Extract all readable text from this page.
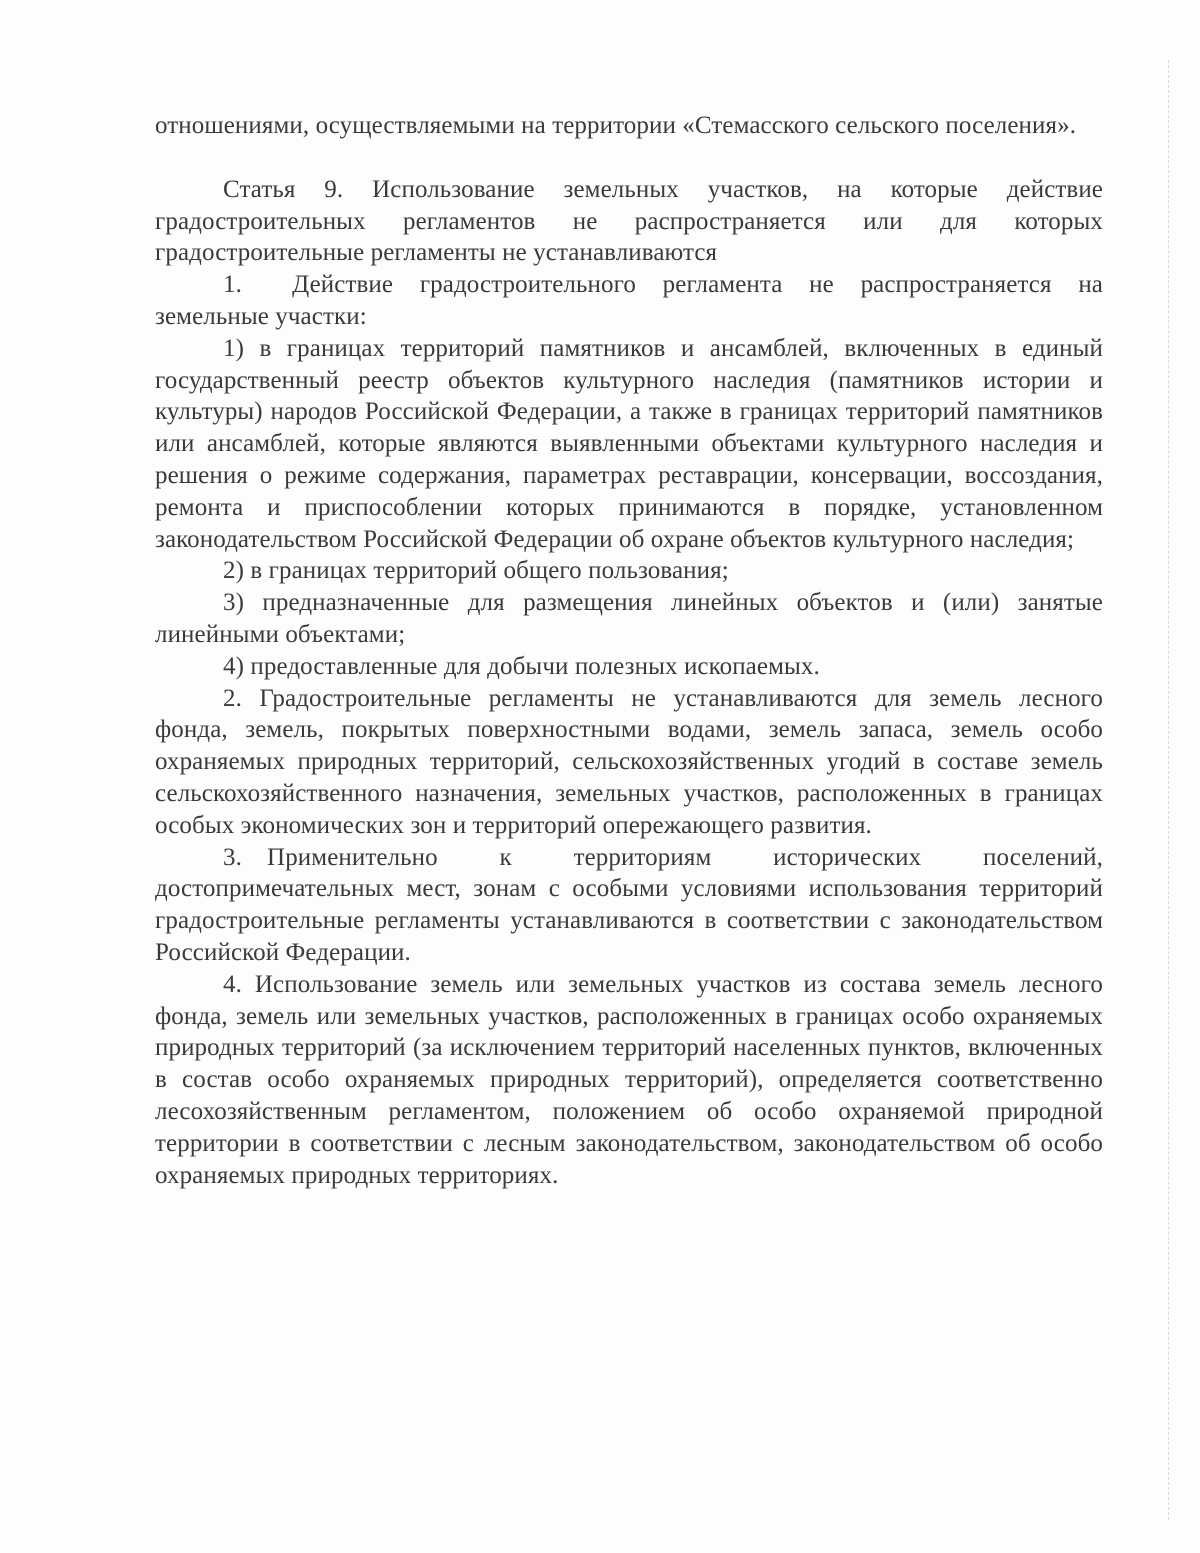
отношениями, осуществляемыми на территории «Стемасского сельского поселения».

Статья 9. Использование земельных участков, на которые действие градостроительных регламентов не распространяется или для которых градостроительные регламенты не устанавливаются

1.  Действие градостроительного регламента не распространяется на земельные участки:

1) в границах территорий памятников и ансамблей, включенных в единый государственный реестр объектов культурного наследия (памятников истории и культуры) народов Российской Федерации, а также в границах территорий памятников или ансамблей, которые являются выявленными объектами культурного наследия и решения о режиме содержания, параметрах реставрации, консервации, воссоздания, ремонта и приспособлении которых принимаются в порядке, установленном законодательством Российской Федерации об охране объектов культурного наследия;

2) в границах территорий общего пользования;

3) предназначенные для размещения линейных объектов и (или) занятые линейными объектами;

4) предоставленные для добычи полезных ископаемых.

2. Градостроительные регламенты не устанавливаются для земель лесного фонда, земель, покрытых поверхностными водами, земель запаса, земель особо охраняемых природных территорий, сельскохозяйственных угодий в составе земель сельскохозяйственного назначения, земельных участков, расположенных в границах особых экономических зон и территорий опережающего развития.

3. Применительно к территориям исторических поселений, достопримечательных мест, зонам с особыми условиями использования территорий градостроительные регламенты устанавливаются в соответствии с законодательством Российской Федерации.

4. Использование земель или земельных участков из состава земель лесного фонда, земель или земельных участков, расположенных в границах особо охраняемых природных территорий (за исключением территорий населенных пунктов, включенных в состав особо охраняемых природных территорий), определяется соответственно лесохозяйственным регламентом, положением об особо охраняемой природной территории в соответствии с лесным законодательством, законодательством об особо охраняемых природных территориях.
